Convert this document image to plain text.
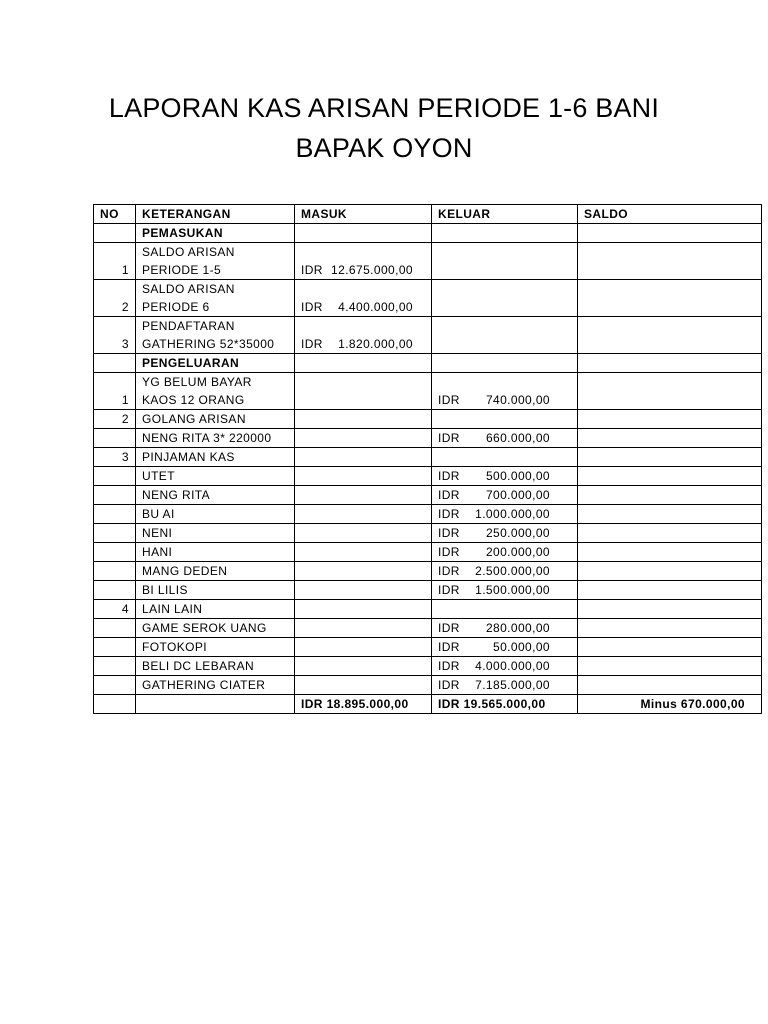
LAPORAN KAS ARISAN PERIODE 1-6 BANI
BAPAK OYON
NO	KETERANGAN	MASUK	KELUAR	SALDO

	PEMASUKAN			

1	SALDO ARISAN
PERIODE 1-5	IDR 12.675.000,00		
2	SALDO ARISAN
PERIODE 6	IDR 4.400.000,00		
3	PENDAFTARAN
GATHERING 52*35000	IDR 1.820.000,00		

	PENGELUARAN			

1	YG BELUM BAYAR
KAOS 12 ORANG		IDR 740.000,00	
2	GOLANG ARISAN			

	NENG RITA 3* 220000		IDR 660.000,00	
3	PINJAMAN KAS			

	UTET		IDR 500.000,00	

	NENG RITA		IDR 700.000,00	

	BU AI		IDR 1.000.000,00	

	NENI		IDR 250.000,00	

	HANI		IDR 200.000,00	

	MANG DEDEN		IDR 2.500.000,00	

	BI LILIS		IDR 1.500.000,00	
4	LAIN LAIN			

	GAME SEROK UANG		IDR 280.000,00	

	FOTOKOPI		IDR 50.000,00	

	BELI DC LEBARAN		IDR 4.000.000,00	

	GATHERING CIATER		IDR 7.185.000,00	
		IDR 18.895.000,00	IDR 19.565.000,00	Minus 670.000,00
